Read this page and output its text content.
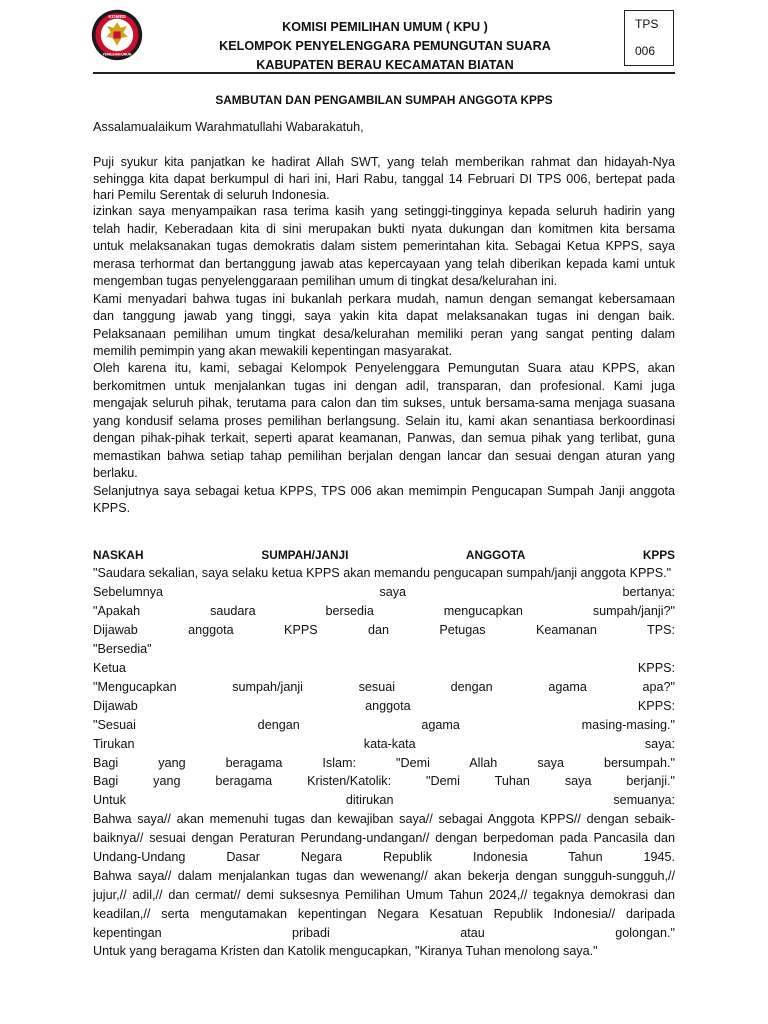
KOMISI
PEMILIHAN UMUM
KOMISI PEMILIHAN UMUM ( KPU )
KELOMPOK PENYELENGGARA PEMUNGUTAN SUARA
KABUPATEN BERAU KECAMATAN BIATAN
TPS
006
SAMBUTAN DAN PENGAMBILAN SUMPAH ANGGOTA KPPS
Assalamualaikum Warahmatullahi Wabarakatuh,
Puji syukur kita panjatkan ke hadirat Allah SWT, yang telah memberikan rahmat dan hidayah-Nya
sehingga kita dapat berkumpul di hari ini, Hari Rabu, tanggal 14 Februari DI TPS 006, bertepat pada
hari Pemilu Serentak di seluruh Indonesia.
izinkan saya menyampaikan rasa terima kasih yang setinggi-tingginya kepada seluruh hadirin yang
telah hadir, Keberadaan kita di sini merupakan bukti nyata dukungan dan komitmen kita bersama
untuk melaksanakan tugas demokratis dalam sistem pemerintahan kita. Sebagai Ketua KPPS, saya
merasa terhormat dan bertanggung jawab atas kepercayaan yang telah diberikan kepada kami untuk
mengemban tugas penyelenggaraan pemilihan umum di tingkat desa/kelurahan ini.
Kami menyadari bahwa tugas ini bukanlah perkara mudah, namun dengan semangat kebersamaan
dan tanggung jawab yang tinggi, saya yakin kita dapat melaksanakan tugas ini dengan baik.
Pelaksanaan pemilihan umum tingkat desa/kelurahan memiliki peran yang sangat penting dalam
memilih pemimpin yang akan mewakili kepentingan masyarakat.
Oleh karena itu, kami, sebagai Kelompok Penyelenggara Pemungutan Suara atau KPPS, akan
berkomitmen untuk menjalankan tugas ini dengan adil, transparan, dan profesional. Kami juga
mengajak seluruh pihak, terutama para calon dan tim sukses, untuk bersama-sama menjaga suasana
yang kondusif selama proses pemilihan berlangsung. Selain itu, kami akan senantiasa berkoordinasi
dengan pihak-pihak terkait, seperti aparat keamanan, Panwas, dan semua pihak yang terlibat, guna
memastikan bahwa setiap tahap pemilihan berjalan dengan lancar dan sesuai dengan aturan yang
berlaku.
Selanjutnya saya sebagai ketua KPPS, TPS 006 akan memimpin Pengucapan Sumpah Janji anggota
KPPS.
NASKAH SUMPAH/JANJI ANGGOTA KPPS
"Saudara sekalian, saya selaku ketua KPPS akan memandu pengucapan sumpah/janji anggota KPPS."
Sebelumnya saya bertanya:
"Apakah saudara bersedia mengucapkan sumpah/janji?"
Dijawab anggota KPPS dan Petugas Keamanan TPS:
"Bersedia"
Ketua KPPS:
"Mengucapkan sumpah/janji sesuai dengan agama apa?"
Dijawab anggota KPPS:
"Sesuai dengan agama masing-masing."
Tirukan kata-kata saya:
Bagi yang beragama Islam: "Demi Allah saya bersumpah."
Bagi yang beragama Kristen/Katolik: "Demi Tuhan saya berjanji."
Untuk ditirukan semuanya:
Bahwa saya// akan memenuhi tugas dan kewajiban saya// sebagai Anggota KPPS// dengan sebaik-
baiknya// sesuai dengan Peraturan Perundang-undangan// dengan berpedoman pada Pancasila dan
Undang-Undang Dasar Negara Republik Indonesia Tahun 1945.
Bahwa saya// dalam menjalankan tugas dan wewenang// akan bekerja dengan sungguh-sungguh,//
jujur,// adil,// dan cermat// demi suksesnya Pemilihan Umum Tahun 2024,// tegaknya demokrasi dan
keadilan,// serta mengutamakan kepentingan Negara Kesatuan Republik Indonesia// daripada
kepentingan pribadi atau golongan."
Untuk yang beragama Kristen dan Katolik mengucapkan, "Kiranya Tuhan menolong saya."
